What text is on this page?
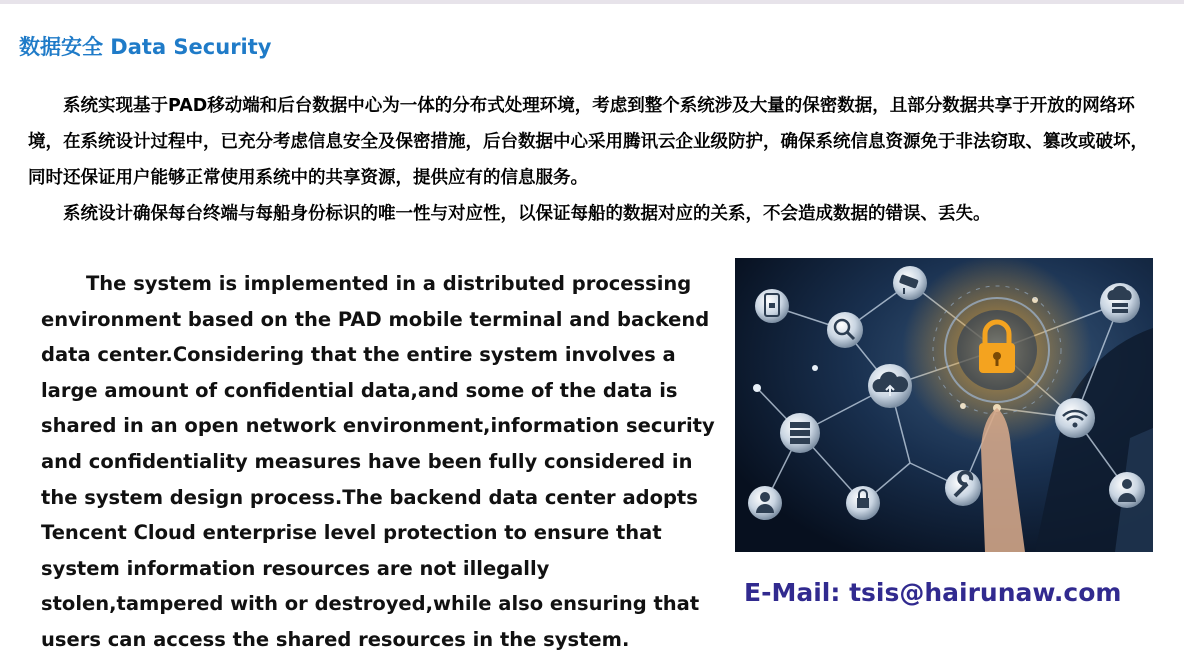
数据安全 Data Security

系统实现基于PAD移动端和后台数据中心为一体的分布式处理环境，考虑到整个系统涉及大量的保密数据，且部分数据共享于开放的网络环境，在系统设计过程中，已充分考虑信息安全及保密措施，后台数据中心采用腾讯云企业级防护，确保系统信息资源免于非法窃取、篡改或破坏，同时还保证用户能够正常使用系统中的共享资源，提供应有的信息服务。

系统设计确保每台终端与每船身份标识的唯一性与对应性，以保证每船的数据对应的关系，不会造成数据的错误、丢失。

The system is implemented in a distributed processing environment based on the PAD mobile terminal and backend data center.Considering that the entire system involves a large amount of confidential data,and some of the data is shared in an open network environment,information security and confidentiality measures have been fully considered in the system design process.The backend data center adopts Tencent Cloud enterprise level protection to ensure that system information resources are not illegally stolen,tampered with or destroyed,while also ensuring that users can access the shared resources in the system.

E-Mail: tsis@hairunaw.com
